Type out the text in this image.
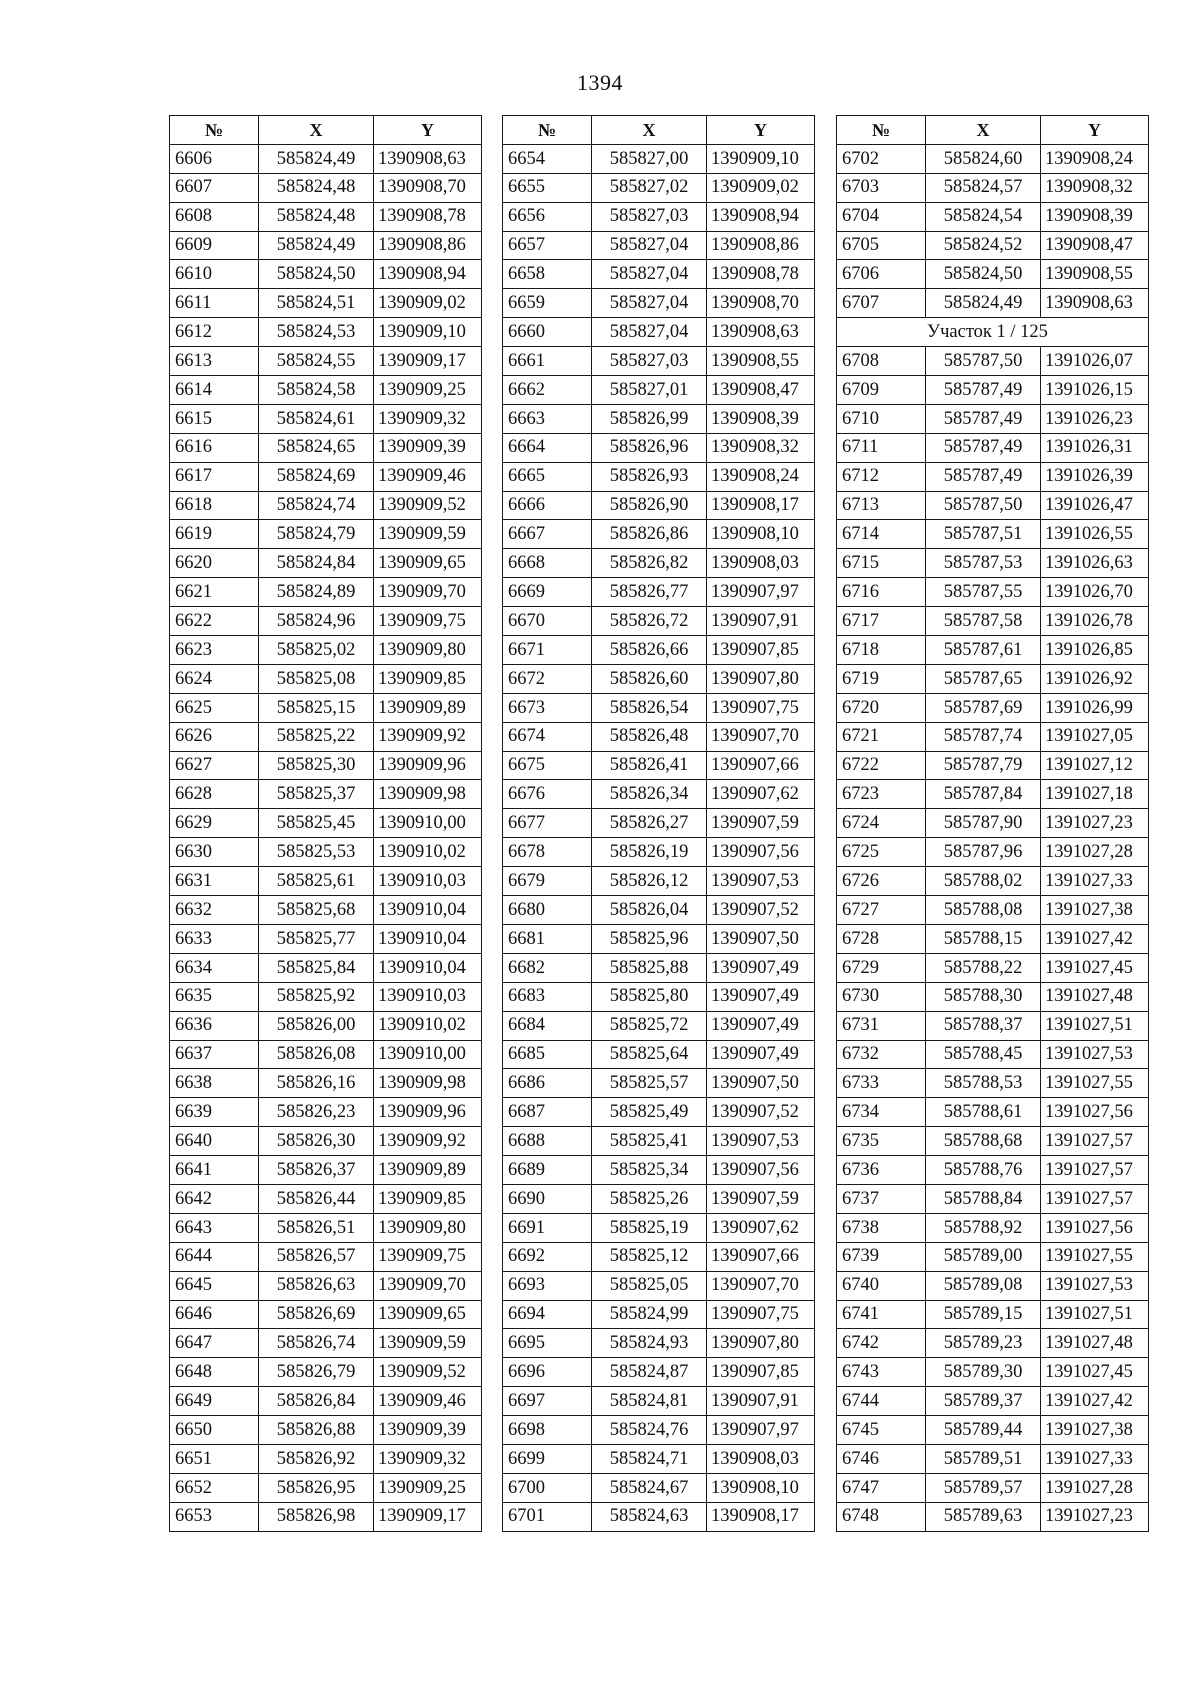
1394
№	X	Y
6606	585824,49	1390908,63
6607	585824,48	1390908,70
6608	585824,48	1390908,78
6609	585824,49	1390908,86
6610	585824,50	1390908,94
6611	585824,51	1390909,02
6612	585824,53	1390909,10
6613	585824,55	1390909,17
6614	585824,58	1390909,25
6615	585824,61	1390909,32
6616	585824,65	1390909,39
6617	585824,69	1390909,46
6618	585824,74	1390909,52
6619	585824,79	1390909,59
6620	585824,84	1390909,65
6621	585824,89	1390909,70
6622	585824,96	1390909,75
6623	585825,02	1390909,80
6624	585825,08	1390909,85
6625	585825,15	1390909,89
6626	585825,22	1390909,92
6627	585825,30	1390909,96
6628	585825,37	1390909,98
6629	585825,45	1390910,00
6630	585825,53	1390910,02
6631	585825,61	1390910,03
6632	585825,68	1390910,04
6633	585825,77	1390910,04
6634	585825,84	1390910,04
6635	585825,92	1390910,03
6636	585826,00	1390910,02
6637	585826,08	1390910,00
6638	585826,16	1390909,98
6639	585826,23	1390909,96
6640	585826,30	1390909,92
6641	585826,37	1390909,89
6642	585826,44	1390909,85
6643	585826,51	1390909,80
6644	585826,57	1390909,75
6645	585826,63	1390909,70
6646	585826,69	1390909,65
6647	585826,74	1390909,59
6648	585826,79	1390909,52
6649	585826,84	1390909,46
6650	585826,88	1390909,39
6651	585826,92	1390909,32
6652	585826,95	1390909,25
6653	585826,98	1390909,17
№	X	Y
6654	585827,00	1390909,10
6655	585827,02	1390909,02
6656	585827,03	1390908,94
6657	585827,04	1390908,86
6658	585827,04	1390908,78
6659	585827,04	1390908,70
6660	585827,04	1390908,63
6661	585827,03	1390908,55
6662	585827,01	1390908,47
6663	585826,99	1390908,39
6664	585826,96	1390908,32
6665	585826,93	1390908,24
6666	585826,90	1390908,17
6667	585826,86	1390908,10
6668	585826,82	1390908,03
6669	585826,77	1390907,97
6670	585826,72	1390907,91
6671	585826,66	1390907,85
6672	585826,60	1390907,80
6673	585826,54	1390907,75
6674	585826,48	1390907,70
6675	585826,41	1390907,66
6676	585826,34	1390907,62
6677	585826,27	1390907,59
6678	585826,19	1390907,56
6679	585826,12	1390907,53
6680	585826,04	1390907,52
6681	585825,96	1390907,50
6682	585825,88	1390907,49
6683	585825,80	1390907,49
6684	585825,72	1390907,49
6685	585825,64	1390907,49
6686	585825,57	1390907,50
6687	585825,49	1390907,52
6688	585825,41	1390907,53
6689	585825,34	1390907,56
6690	585825,26	1390907,59
6691	585825,19	1390907,62
6692	585825,12	1390907,66
6693	585825,05	1390907,70
6694	585824,99	1390907,75
6695	585824,93	1390907,80
6696	585824,87	1390907,85
6697	585824,81	1390907,91
6698	585824,76	1390907,97
6699	585824,71	1390908,03
6700	585824,67	1390908,10
6701	585824,63	1390908,17
№	X	Y
6702	585824,60	1390908,24
6703	585824,57	1390908,32
6704	585824,54	1390908,39
6705	585824,52	1390908,47
6706	585824,50	1390908,55
6707	585824,49	1390908,63
Участок 1 / 125		
6708	585787,50	1391026,07
6709	585787,49	1391026,15
6710	585787,49	1391026,23
6711	585787,49	1391026,31
6712	585787,49	1391026,39
6713	585787,50	1391026,47
6714	585787,51	1391026,55
6715	585787,53	1391026,63
6716	585787,55	1391026,70
6717	585787,58	1391026,78
6718	585787,61	1391026,85
6719	585787,65	1391026,92
6720	585787,69	1391026,99
6721	585787,74	1391027,05
6722	585787,79	1391027,12
6723	585787,84	1391027,18
6724	585787,90	1391027,23
6725	585787,96	1391027,28
6726	585788,02	1391027,33
6727	585788,08	1391027,38
6728	585788,15	1391027,42
6729	585788,22	1391027,45
6730	585788,30	1391027,48
6731	585788,37	1391027,51
6732	585788,45	1391027,53
6733	585788,53	1391027,55
6734	585788,61	1391027,56
6735	585788,68	1391027,57
6736	585788,76	1391027,57
6737	585788,84	1391027,57
6738	585788,92	1391027,56
6739	585789,00	1391027,55
6740	585789,08	1391027,53
6741	585789,15	1391027,51
6742	585789,23	1391027,48
6743	585789,30	1391027,45
6744	585789,37	1391027,42
6745	585789,44	1391027,38
6746	585789,51	1391027,33
6747	585789,57	1391027,28
6748	585789,63	1391027,23
